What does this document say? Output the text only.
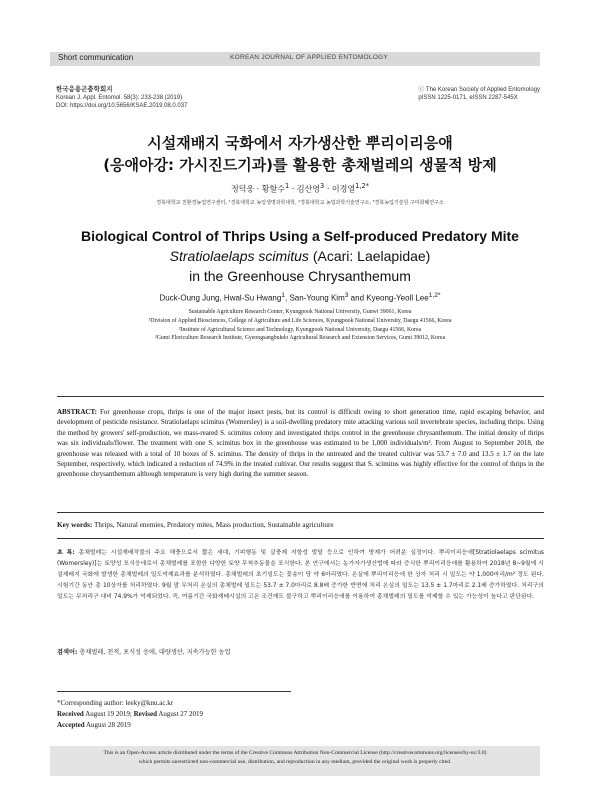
Short communication	KOREAN JOURNAL OF APPLIED ENTOMOLOGY
한국응용곤충학회지
Korean J. Appl. Entomol. 58(3): 233-238 (2019)
DOI: https://doi.org/10.5656/KSAE.2019.08.0.037
ⓒ The Korean Society of Applied Entomology
pISSN 1225-0171, eISSN 2287-545X
시설재배지 국화에서 자가생산한 뿌리이리응애
(응애아강: 가시진드기과)를 활용한 총채벌레의 생물적 방제
정덕웅 · 황할수$^1$ · 김산영$^3$ · 이경열$^{1,2*}$
경북대학교 친환경농업연구센터, ¹경북대학교 농업생명과학대학, ²경북대학교 농업과학기술연구소, ³경북농업기술원 구미화훼연구소
Biological Control of Thrips Using a Self-produced Predatory Mite
Stratiolaelaps scimitus (Acari: Laelapidae)
in the Greenhouse Chrysanthemum
Duck-Oung Jung, Hwal-Su Hwang$^1$, San-Young Kim$^3$ and Kyeong-Yeoll Lee$^{1,2*}$
Sustainable Agriculture Research Center, Kyungpook National University, Gunwi 39061, Korea
¹Division of Applied Biosciences, College of Agriculture and Life Sciences, Kyungpook National University, Daegu 41566, Korea
²Institute of Agricultural Science and Technology, Kyungpook National University, Daegu 41566, Korea
³Gumi Floriculture Research Institute, Gyeongsangbukdo Agricultural Research and Extension Services, Gumi 39012, Korea
ABSTRACT: For greenhouse crops, thrips is one of the major insect pests, but its control is difficult owing to short generation time, rapid escaping behavior, and development of pesticide resistance. Stratiolaelaps scimitus (Womersley) is a soil-dwelling predatory mite attacking various soil invertebrate species, including thrips. Using the method by growers' self-production, we mass-reared S. scimitus colony and investigated thrips control in the greenhouse chrysanthemum. The initial density of thrips was six individuals/flower. The treatment with one S. scimitus box in the greenhouse was estimated to be 1,000 individuals/m². From August to September 2018, the greenhouse was released with a total of 10 boxes of S. scimitus. The density of thrips in the untreated and the treated cultivar was 53.7 ± 7.0 and 13.5 ± 1.7 on the late September, respectively, which indicated a reduction of 74.9% in the treated cultivar. Our results suggest that S. scimitus was highly effective for the control of thrips in the greenhouse chrysanthemum although temperature is very high during the summer season.
Key words: Thrips, Natural enemies, Predatory mites, Mass production, Sustainable agriculture
초 록: 총채벌레는 시설재배작물의 주요 해충으로서 짧은 세대, 기피행동 및 살충제 저항성 발달 등으로 인하여 방제가 어려운 실정이다. 뿌리이리응애[Stratiolaelaps scimitus (Womersley)]는 토양성 포식응애로서 총채벌레를 포함한 다양한 토양 무척추동물을 포식한다. 본 연구에서는 농가자가생산법에 따라 증식한 뿌리이리응애를 활용하여 2018년 8~9월에 시설재배지 국화에 발생한 총채벌레의 밀도억제효과를 분석하였다. 총채벌레의 초기밀도는 꽃송이 당 약 6마리였다. 온실에 뿌리이리응애 한 상자 처리 시 밀도는 약 1,000마리/m² 정도 된다. 시험기간 동안 총 10상자를 처리하였다. 9월 말 무처리 온실의 총채벌레 밀도는 53.7 ± 7.0마리로 8.8배 증가한 반면에 처리 온실의 밀도는 13.5 ± 1.7마리로 2.1배 증가하였다. 처리구의 밀도는 무처리구 대비 74.9%가 억제되었다. 즉, 여름기간 국화재배시설의 고온 조건에도 불구하고 뿌리이리응애를 이용하여 총채벌레의 밀도를 억제할 수 있는 가능성이 높다고 판단된다.
검색어: 총채벌레, 천적, 포식성 응애, 대량생산, 지속가능한 농업
*Corresponding author: leeky@knu.ac.kr
Received August 19 2019; Revised August 27 2019
Accepted August 28 2019
This is an Open-Access article distributed under the terms of the Creative Commons Attribution Non-Commercial License (http://creativecommons.org/licenses/by-nc/3.0)
which permits unrestricted non-commercial use, distribution, and reproduction in any medium, provided the original work is properly cited.
